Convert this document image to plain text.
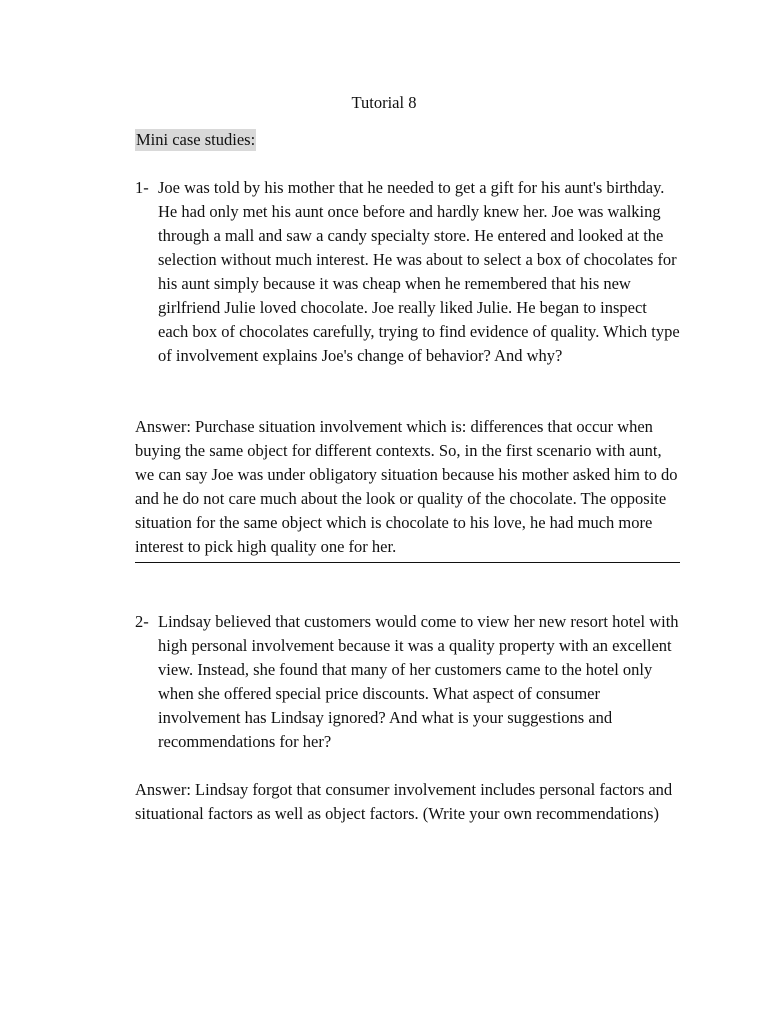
Tutorial 8
Mini case studies:
1- Joe was told by his mother that he needed to get a gift for his aunt's birthday. He had only met his aunt once before and hardly knew her. Joe was walking through a mall and saw a candy specialty store. He entered and looked at the selection without much interest. He was about to select a box of chocolates for his aunt simply because it was cheap when he remembered that his new girlfriend Julie loved chocolate. Joe really liked Julie. He began to inspect each box of chocolates carefully, trying to find evidence of quality. Which type of involvement explains Joe's change of behavior? And why?
Answer: Purchase situation involvement which is: differences that occur when buying the same object for different contexts. So, in the first scenario with aunt, we can say Joe was under obligatory situation because his mother asked him to do and he do not care much about the look or quality of the chocolate. The opposite situation for the same object which is chocolate to his love, he had much more interest to pick high quality one for her.
2- Lindsay believed that customers would come to view her new resort hotel with high personal involvement because it was a quality property with an excellent view. Instead, she found that many of her customers came to the hotel only when she offered special price discounts. What aspect of consumer involvement has Lindsay ignored? And what is your suggestions and recommendations for her?
Answer: Lindsay forgot that consumer involvement includes personal factors and situational factors as well as object factors. (Write your own recommendations)
